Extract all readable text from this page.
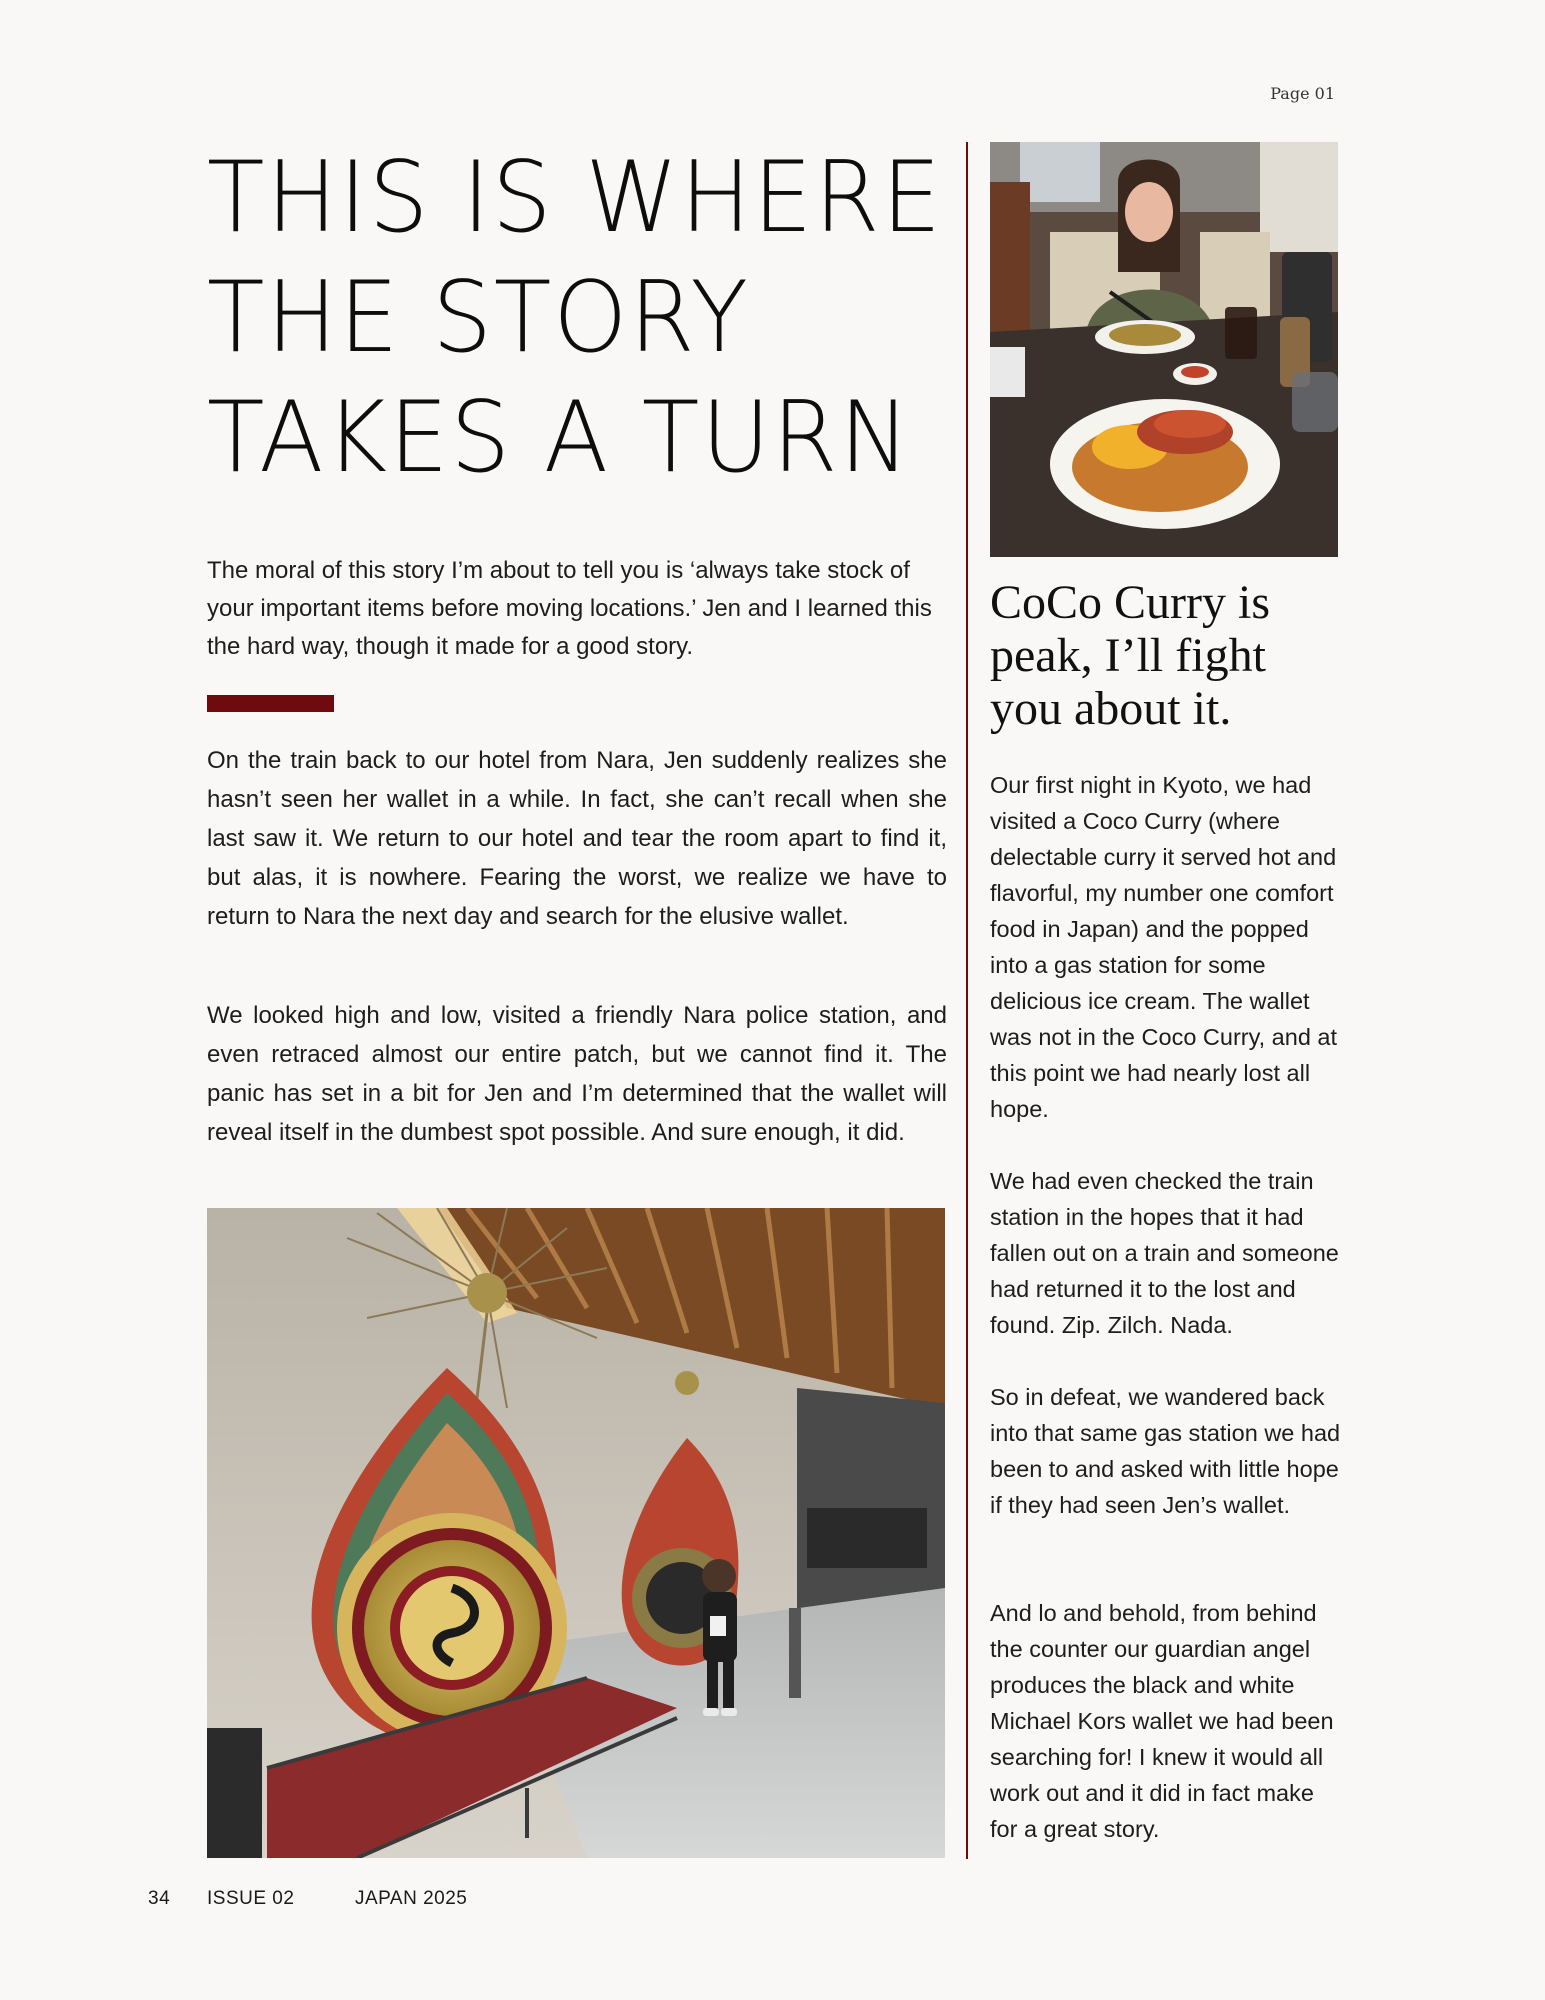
Page 01
THIS IS WHERE
THE STORY
TAKES A TURN

The moral of this story I’m about to tell you is ‘always take stock of your important items before moving locations.’ Jen and I learned this the hard way, though it made for a good story.

On the train back to our hotel from Nara, Jen suddenly realizes she hasn’t seen her wallet in a while. In fact, she can’t recall when she last saw it. We return to our hotel and tear the room apart to find it, but alas, it is nowhere. Fearing the worst, we realize we have to return to Nara the next day and search for the elusive wallet.

We looked high and low, visited a friendly Nara police station, and even retraced almost our entire patch, but we cannot find it. The panic has set in a bit for Jen and I’m determined that the wallet will reveal itself in the dumbest spot possible. And sure enough, it did.

CoCo Curry is peak, I’ll fight you about it.

Our first night in Kyoto, we had visited a Coco Curry (where delectable curry it served hot and flavorful, my number one comfort food in Japan) and the popped into a gas station for some delicious ice cream. The wallet was not in the Coco Curry, and at this point we had nearly lost all hope.

We had even checked the train station in the hopes that it had fallen out on a train and someone had returned it to the lost and found. Zip. Zilch. Nada.

So in defeat, we wandered back into that same gas station we had been to and asked with little hope if they had seen Jen’s wallet.

And lo and behold, from behind the counter our guardian angel produces the black and white Michael Kors wallet we had been searching for! I knew it would all work out and it did in fact make for a great story.

34 ISSUE 02	JAPAN 2025
